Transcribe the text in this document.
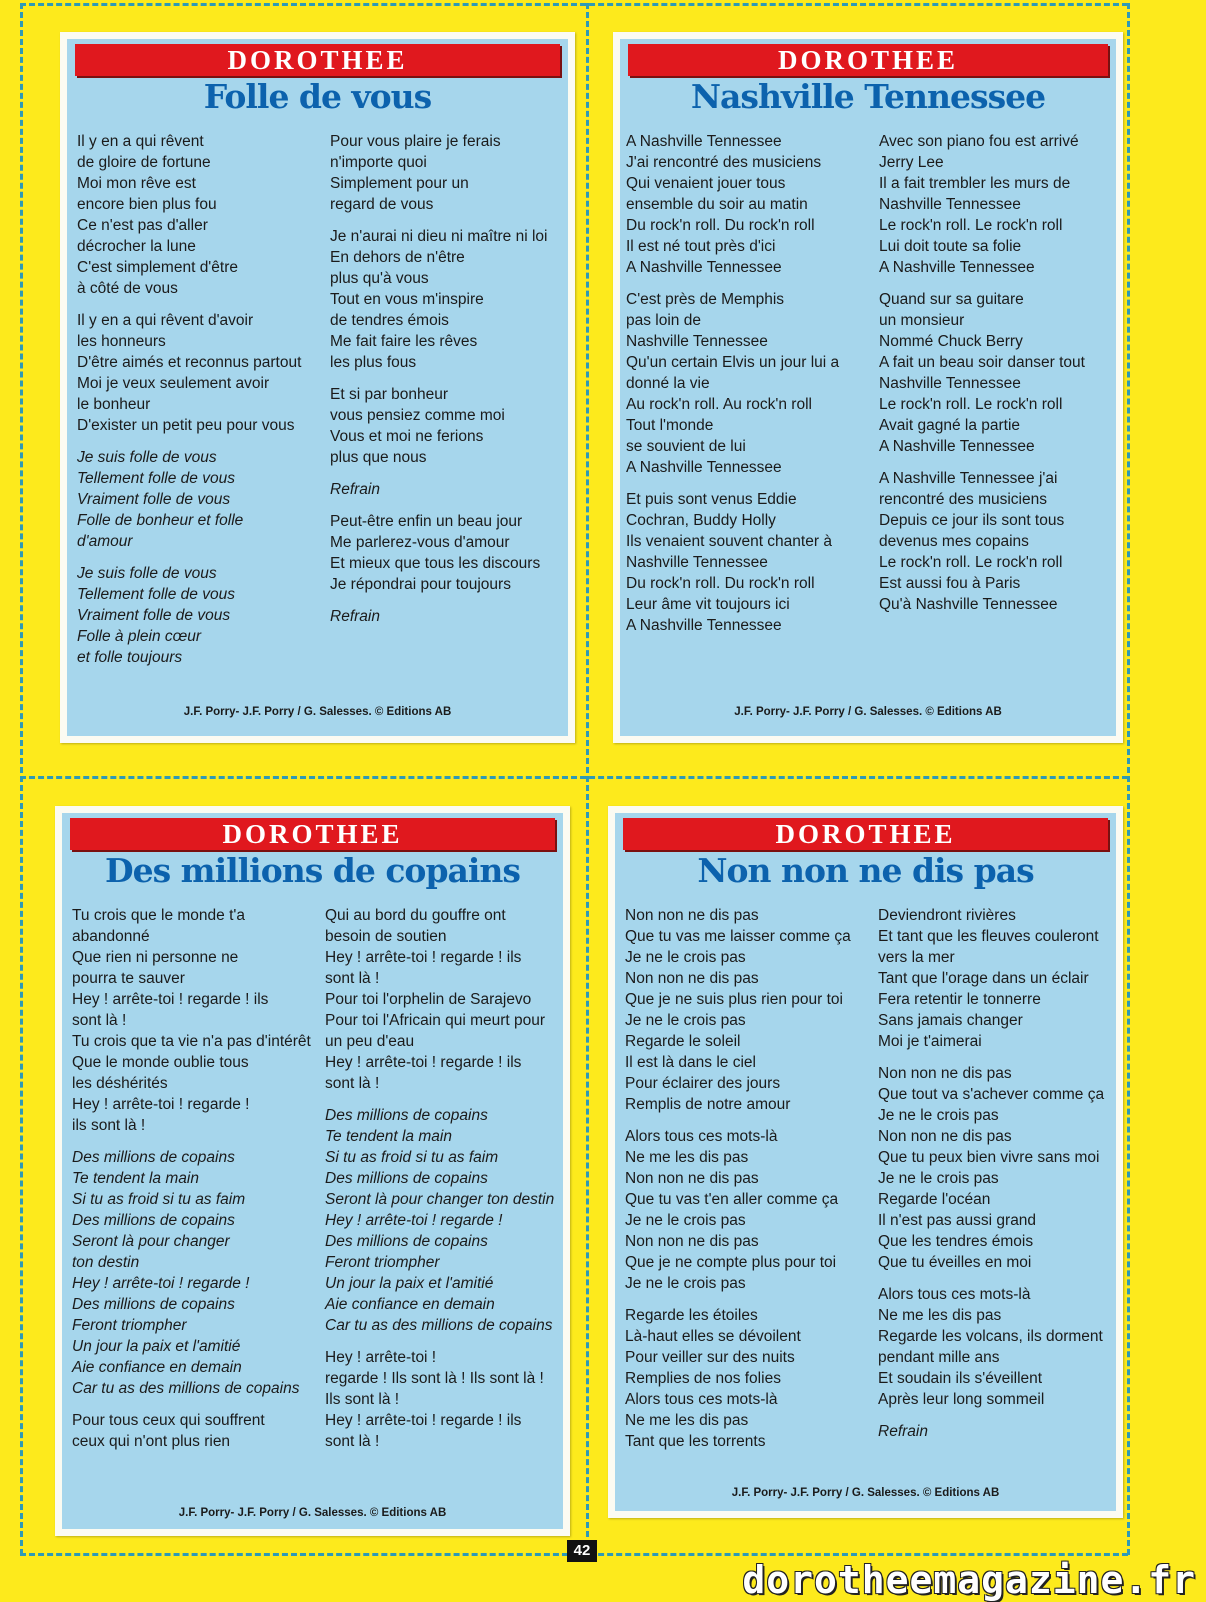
DOROTHEE
Folle de vous
Il y en a qui rêvent
de gloire de fortune
Moi mon rêve est
encore bien plus fou
Ce n'est pas d'aller
décrocher la lune
C'est simplement d'être
à côté de vous
Il y en a qui rêvent d'avoir
les honneurs
D'être aimés et reconnus partout
Moi je veux seulement avoir
le bonheur
D'exister un petit peu pour vous
Je suis folle de vous
Tellement folle de vous
Vraiment folle de vous
Folle de bonheur et folle
d'amour
Je suis folle de vous
Tellement folle de vous
Vraiment folle de vous
Folle à plein cœur
et folle toujours
Pour vous plaire je ferais
n'importe quoi
Simplement pour un
regard de vous
Je n'aurai ni dieu ni maître ni loi
En dehors de n'être
plus qu'à vous
Tout en vous m'inspire
de tendres émois
Me fait faire les rêves
les plus fous
Et si par bonheur
vous pensiez comme moi
Vous et moi ne ferions
plus que nous
Refrain
Peut-être enfin un beau jour
Me parlerez-vous d'amour
Et mieux que tous les discours
Je répondrai pour toujours
Refrain
J.F. Porry- J.F. Porry / G. Salesses. © Editions AB
DOROTHEE
Nashville Tennessee
A Nashville Tennessee
J'ai rencontré des musiciens
Qui venaient jouer tous
ensemble du soir au matin
Du rock'n roll. Du rock'n roll
Il est né tout près d'ici
A Nashville Tennessee
C'est près de Memphis
pas loin de
Nashville Tennessee
Qu'un certain Elvis un jour lui a
donné la vie
Au rock'n roll. Au rock'n roll
Tout l'monde
se souvient de lui
A Nashville Tennessee
Et puis sont venus Eddie
Cochran, Buddy Holly
Ils venaient souvent chanter à
Nashville Tennessee
Du rock'n roll. Du rock'n roll
Leur âme vit toujours ici
A Nashville Tennessee
Avec son piano fou est arrivé
Jerry Lee
Il a fait trembler les murs de
Nashville Tennessee
Le rock'n roll. Le rock'n roll
Lui doit toute sa folie
A Nashville Tennessee
Quand sur sa guitare
un monsieur
Nommé Chuck Berry
A fait un beau soir danser tout
Nashville Tennessee
Le rock'n roll. Le rock'n roll
Avait gagné la partie
A Nashville Tennessee
A Nashville Tennessee j'ai
rencontré des musiciens
Depuis ce jour ils sont tous
devenus mes copains
Le rock'n roll. Le rock'n roll
Est aussi fou à Paris
Qu'à Nashville Tennessee
J.F. Porry- J.F. Porry / G. Salesses. © Editions AB
DOROTHEE
Des millions de copains
Tu crois que le monde t'a
abandonné
Que rien ni personne ne
pourra te sauver
Hey ! arrête-toi ! regarde ! ils
sont là !
Tu crois que ta vie n'a pas d'intérêt
Que le monde oublie tous
les déshérités
Hey ! arrête-toi ! regarde !
ils sont là !
Des millions de copains
Te tendent la main
Si tu as froid si tu as faim
Des millions de copains
Seront là pour changer
ton destin
Hey ! arrête-toi ! regarde !
Des millions de copains
Feront triompher
Un jour la paix et l'amitié
Aie confiance en demain
Car tu as des millions de copains
Pour tous ceux qui souffrent
ceux qui n'ont plus rien
Qui au bord du gouffre ont
besoin de soutien
Hey ! arrête-toi ! regarde ! ils
sont là !
Pour toi l'orphelin de Sarajevo
Pour toi l'Africain qui meurt pour
un peu d'eau
Hey ! arrête-toi ! regarde ! ils
sont là !
Des millions de copains
Te tendent la main
Si tu as froid si tu as faim
Des millions de copains
Seront là pour changer ton destin
Hey ! arrête-toi ! regarde !
Des millions de copains
Feront triompher
Un jour la paix et l'amitié
Aie confiance en demain
Car tu as des millions de copains
Hey ! arrête-toi !
regarde ! Ils sont là ! Ils sont là !
Ils sont là !
Hey ! arrête-toi ! regarde ! ils
sont là !
J.F. Porry- J.F. Porry / G. Salesses. © Editions AB
DOROTHEE
Non non ne dis pas
Non non ne dis pas
Que tu vas me laisser comme ça
Je ne le crois pas
Non non ne dis pas
Que je ne suis plus rien pour toi
Je ne le crois pas
Regarde le soleil
Il est là dans le ciel
Pour éclairer des jours
Remplis de notre amour
Alors tous ces mots-là
Ne me les dis pas
Non non ne dis pas
Que tu vas t'en aller comme ça
Je ne le crois pas
Non non ne dis pas
Que je ne compte plus pour toi
Je ne le crois pas
Regarde les étoiles
Là-haut elles se dévoilent
Pour veiller sur des nuits
Remplies de nos folies
Alors tous ces mots-là
Ne me les dis pas
Tant que les torrents
Deviendront rivières
Et tant que les fleuves couleront
vers la mer
Tant que l'orage dans un éclair
Fera retentir le tonnerre
Sans jamais changer
Moi je t'aimerai
Non non ne dis pas
Que tout va s'achever comme ça
Je ne le crois pas
Non non ne dis pas
Que tu peux bien vivre sans moi
Je ne le crois pas
Regarde l'océan
Il n'est pas aussi grand
Que les tendres émois
Que tu éveilles en moi
Alors tous ces mots-là
Ne me les dis pas
Regarde les volcans, ils dorment
pendant mille ans
Et soudain ils s'éveillent
Après leur long sommeil
Refrain
J.F. Porry- J.F. Porry / G. Salesses. © Editions AB
42
dorotheemagazine.fr
